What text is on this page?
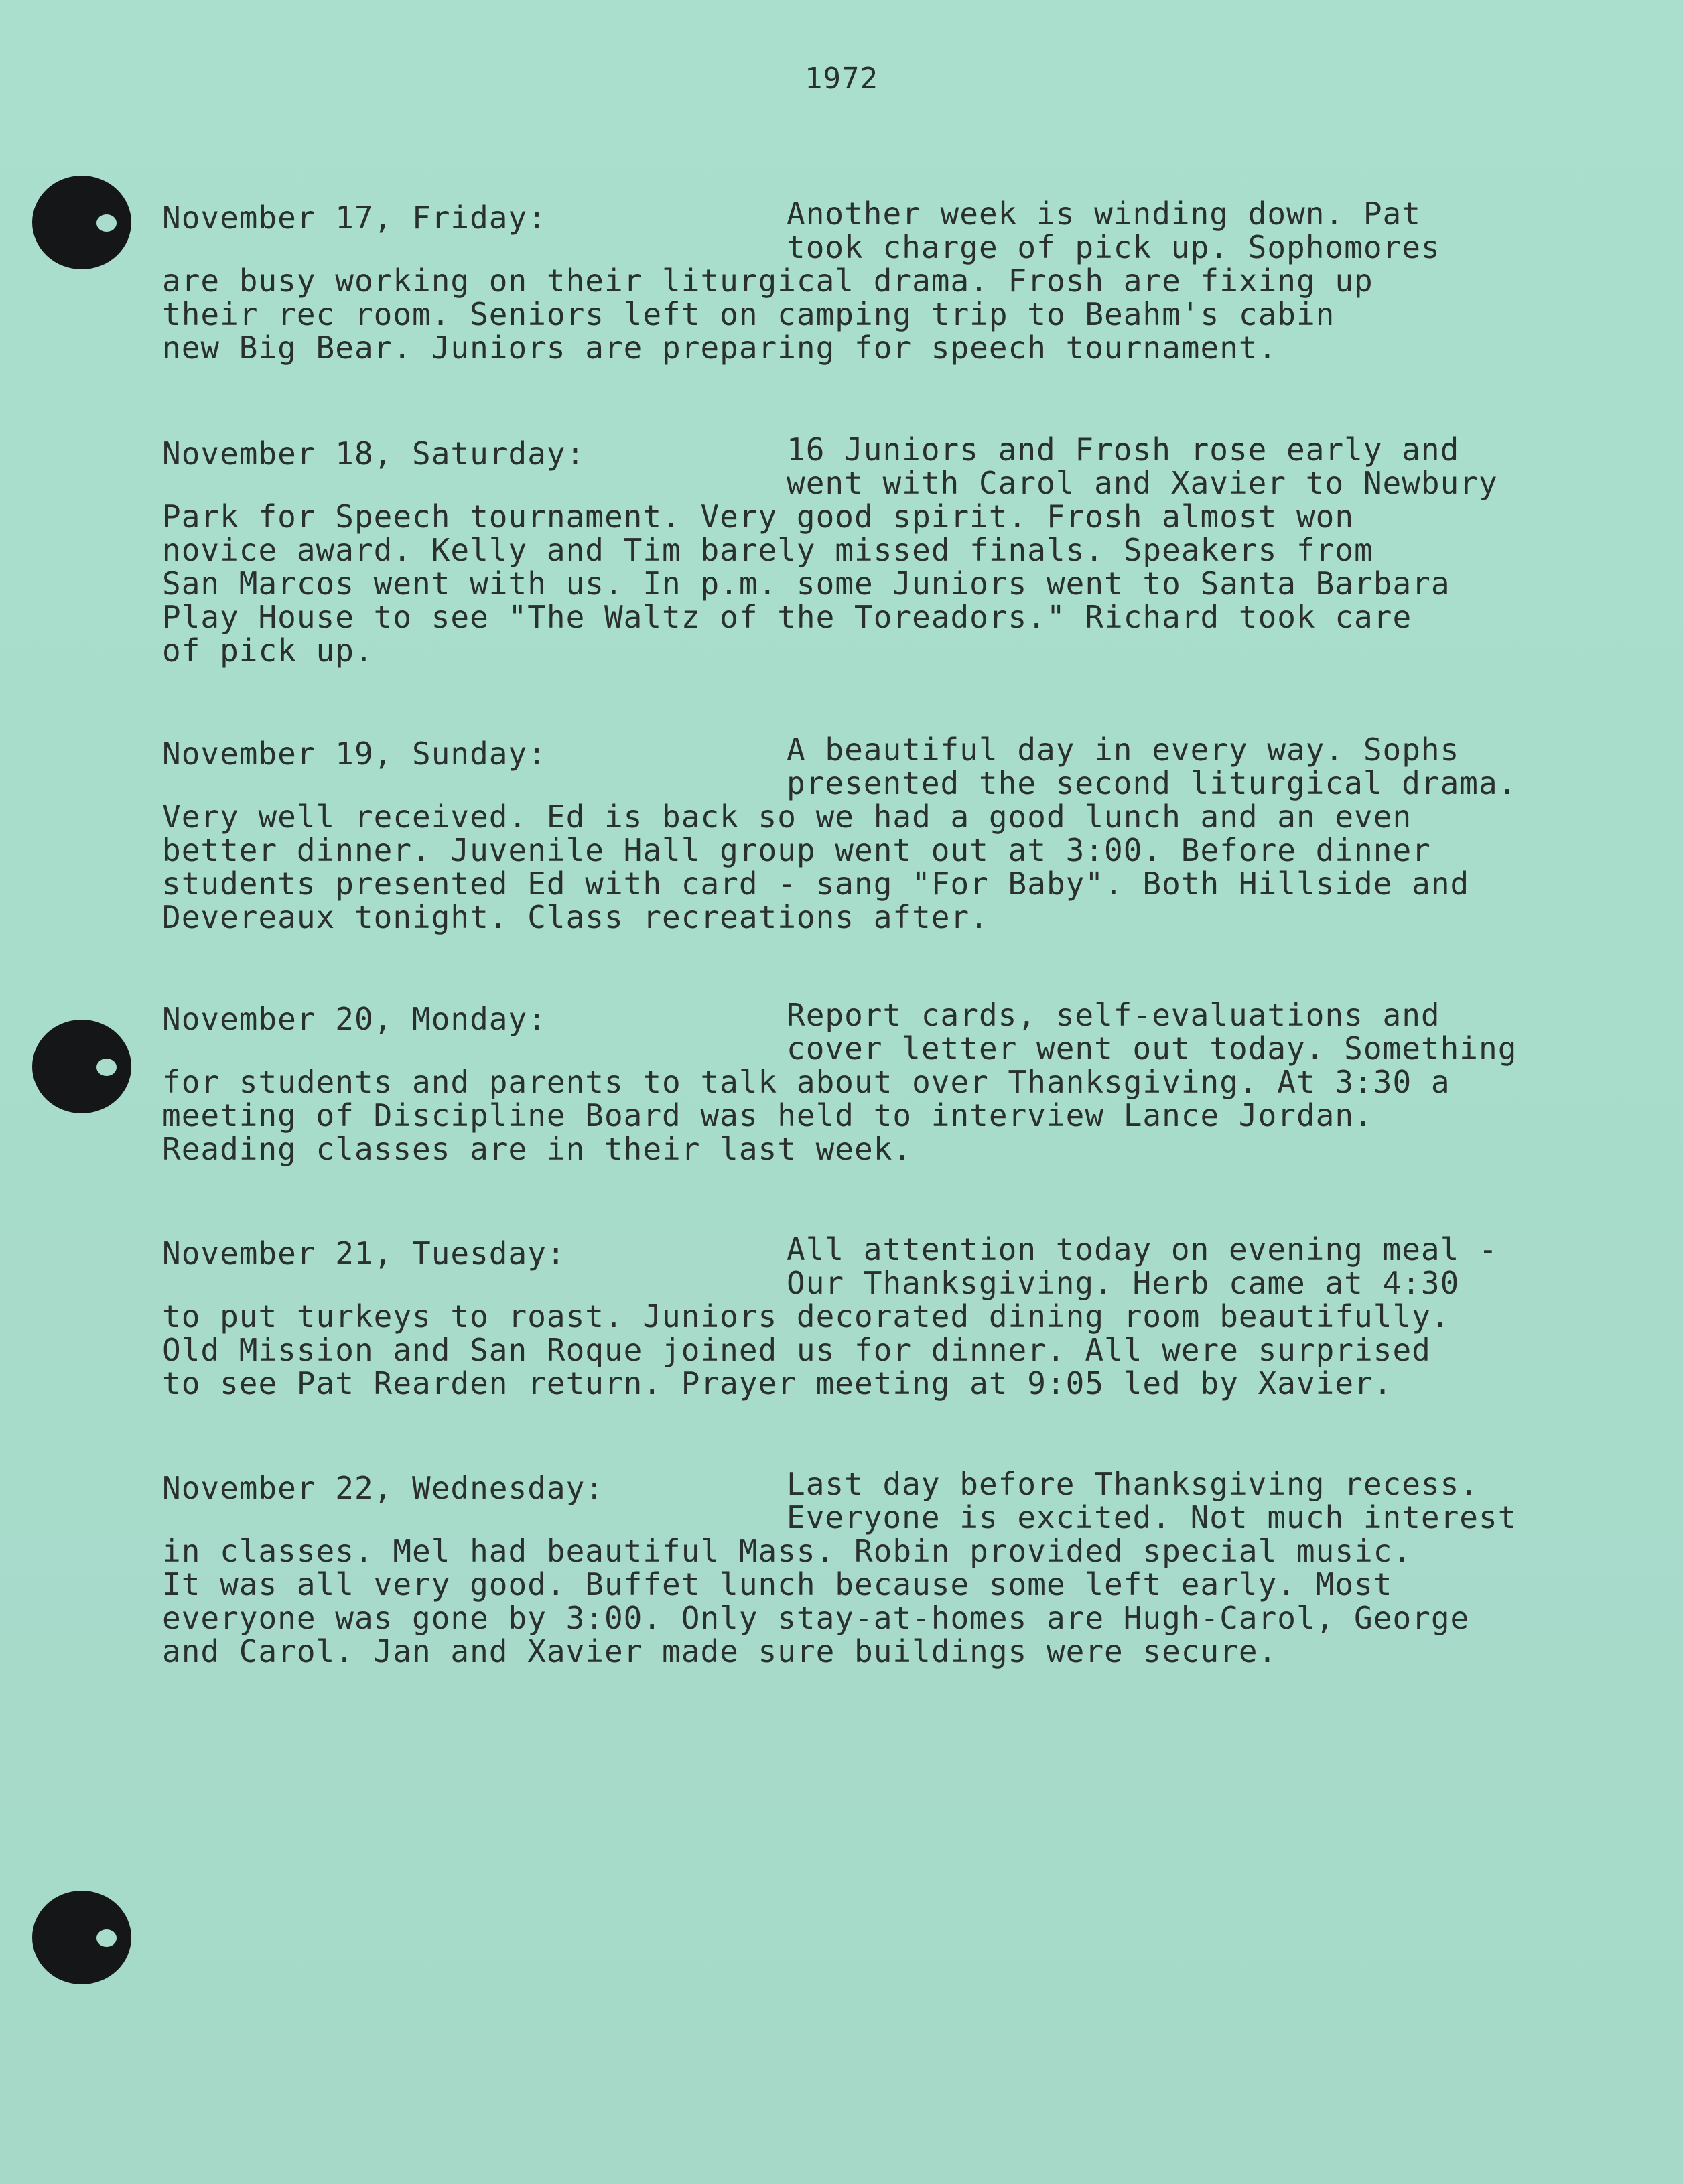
1972
November 17, Friday:	Another week is winding down. Pat
took charge of pick up. Sophomores
are busy working on their liturgical drama. Frosh are fixing up
their rec room. Seniors left on camping trip to Beahm's cabin
new Big Bear. Juniors are preparing for speech tournament.
November 18, Saturday:	16 Juniors and Frosh rose early and
went with Carol and Xavier to Newbury
Park for Speech tournament. Very good spirit. Frosh almost won
novice award. Kelly and Tim barely missed finals. Speakers from
San Marcos went with us. In p.m. some Juniors went to Santa Barbara
Play House to see "The Waltz of the Toreadors." Richard took care
of pick up.
November 19, Sunday:	A beautiful day in every way. Sophs
presented the second liturgical drama.
Very well received. Ed is back so we had a good lunch and an even
better dinner. Juvenile Hall group went out at 3:00. Before dinner
students presented Ed with card - sang "For Baby". Both Hillside and
Devereaux tonight. Class recreations after.
November 20, Monday:	Report cards, self-evaluations and
cover letter went out today. Something
for students and parents to talk about over Thanksgiving. At 3:30 a
meeting of Discipline Board was held to interview Lance Jordan.
Reading classes are in their last week.
November 21, Tuesday:	All attention today on evening meal -
Our Thanksgiving. Herb came at 4:30
to put turkeys to roast. Juniors decorated dining room beautifully.
Old Mission and San Roque joined us for dinner. All were surprised
to see Pat Rearden return. Prayer meeting at 9:05 led by Xavier.
November 22, Wednesday:	Last day before Thanksgiving recess.
Everyone is excited. Not much interest
in classes. Mel had beautiful Mass. Robin provided special music.
It was all very good. Buffet lunch because some left early. Most
everyone was gone by 3:00. Only stay-at-homes are Hugh-Carol, George
and Carol. Jan and Xavier made sure buildings were secure.
